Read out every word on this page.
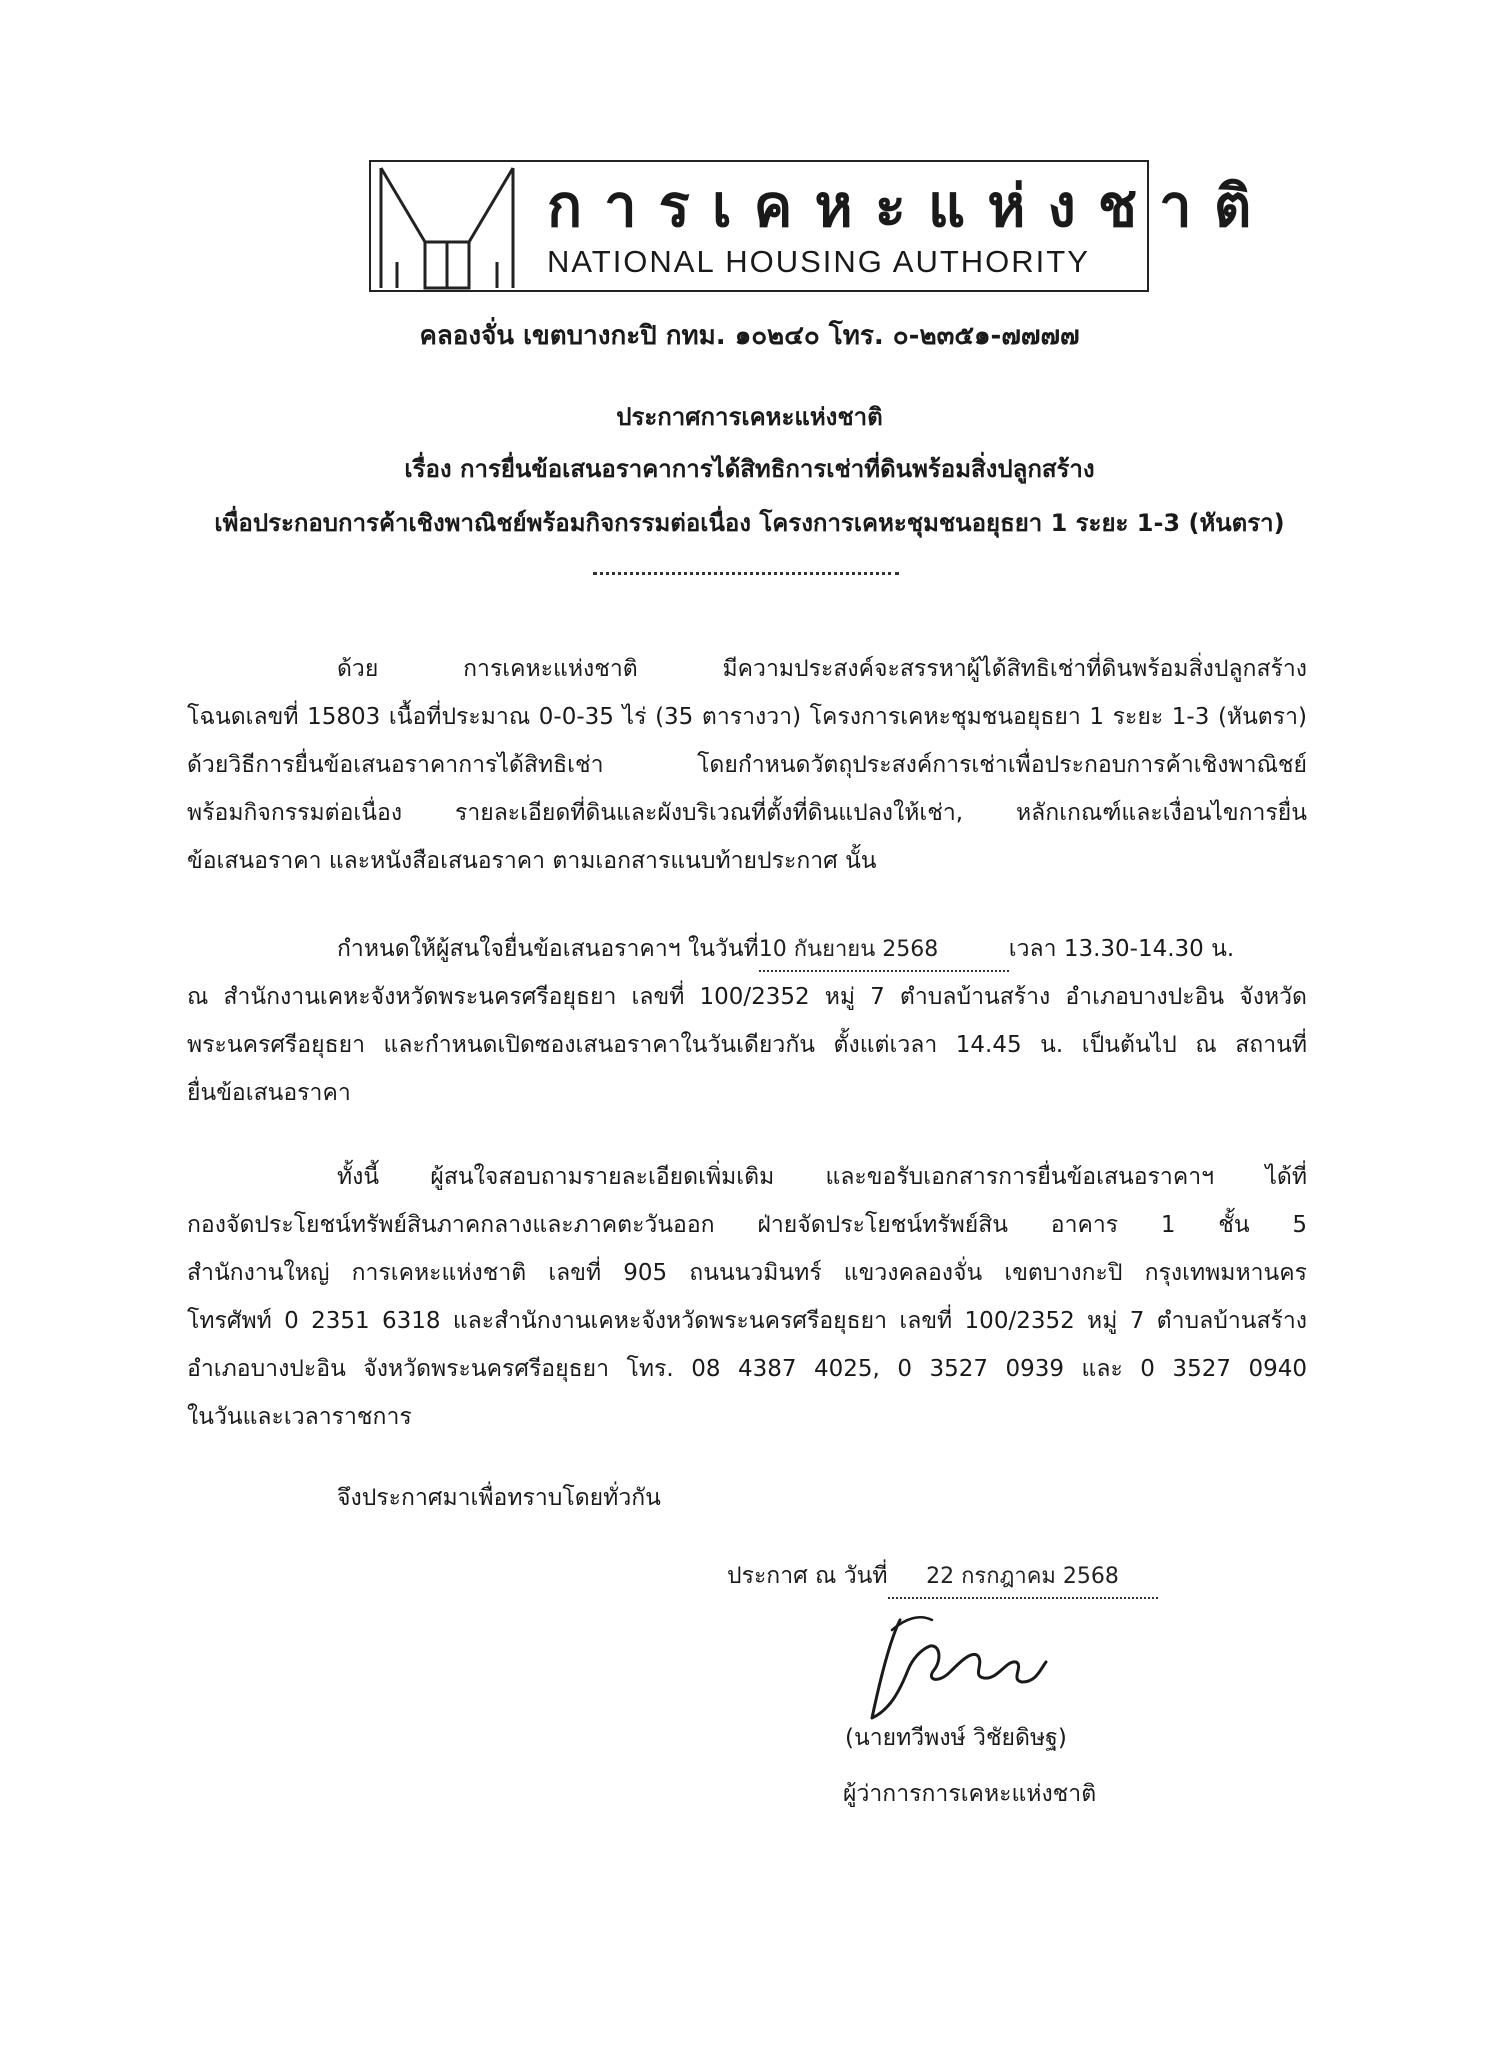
การเคหะแห่งชาติ
NATIONAL HOUSING AUTHORITY
คลองจั่น เขตบางกะปิ กทม. ๑๐๒๔๐ โทร. ๐-๒๓๕๑-๗๗๗๗
ประกาศการเคหะแห่งชาติ
เรื่อง การยื่นข้อเสนอราคาการได้สิทธิการเช่าที่ดินพร้อมสิ่งปลูกสร้าง
เพื่อประกอบการค้าเชิงพาณิชย์พร้อมกิจกรรมต่อเนื่อง โครงการเคหะชุมชนอยุธยา 1 ระยะ 1-3 (หันตรา)
ด้วย การเคหะแห่งชาติ มีความประสงค์จะสรรหาผู้ได้สิทธิเช่าที่ดินพร้อมสิ่งปลูกสร้าง
โฉนดเลขที่ 15803 เนื้อที่ประมาณ 0-0-35 ไร่ (35 ตารางวา) โครงการเคหะชุมชนอยุธยา 1 ระยะ 1-3 (หันตรา)
ด้วยวิธีการยื่นข้อเสนอราคาการได้สิทธิเช่า โดยกำหนดวัตถุประสงค์การเช่าเพื่อประกอบการค้าเชิงพาณิชย์
พร้อมกิจกรรมต่อเนื่อง รายละเอียดที่ดินและผังบริเวณที่ตั้งที่ดินแปลงให้เช่า, หลักเกณฑ์และเงื่อนไขการยื่น
ข้อเสนอราคา และหนังสือเสนอราคา ตามเอกสารแนบท้ายประกาศ นั้น
กำหนดให้ผู้สนใจยื่นข้อเสนอราคาฯ ในวันที่10 กันยายน 2568	เวลา 13.30-14.30 น.
ณ สำนักงานเคหะจังหวัดพระนครศรีอยุธยา เลขที่ 100/2352 หมู่ 7 ตำบลบ้านสร้าง อำเภอบางปะอิน จังหวัด
พระนครศรีอยุธยา และกำหนดเปิดซองเสนอราคาในวันเดียวกัน ตั้งแต่เวลา 14.45 น. เป็นต้นไป ณ สถานที่
ยื่นข้อเสนอราคา
ทั้งนี้ ผู้สนใจสอบถามรายละเอียดเพิ่มเติม และขอรับเอกสารการยื่นข้อเสนอราคาฯ ได้ที่
กองจัดประโยชน์ทรัพย์สินภาคกลางและภาคตะวันออก ฝ่ายจัดประโยชน์ทรัพย์สิน อาคาร 1 ชั้น 5
สำนักงานใหญ่ การเคหะแห่งชาติ เลขที่ 905 ถนนนวมินทร์ แขวงคลองจั่น เขตบางกะปิ กรุงเทพมหานคร
โทรศัพท์ 0 2351 6318 และสำนักงานเคหะจังหวัดพระนครศรีอยุธยา เลขที่ 100/2352 หมู่ 7 ตำบลบ้านสร้าง
อำเภอบางปะอิน จังหวัดพระนครศรีอยุธยา โทร. 08 4387 4025, 0 3527 0939 และ 0 3527 0940
ในวันและเวลาราชการ
จึงประกาศมาเพื่อทราบโดยทั่วกัน
ประกาศ ณ วันที่ 22 กรกฎาคม 2568
(นายทวีพงษ์ วิชัยดิษฐ)
ผู้ว่าการการเคหะแห่งชาติ
